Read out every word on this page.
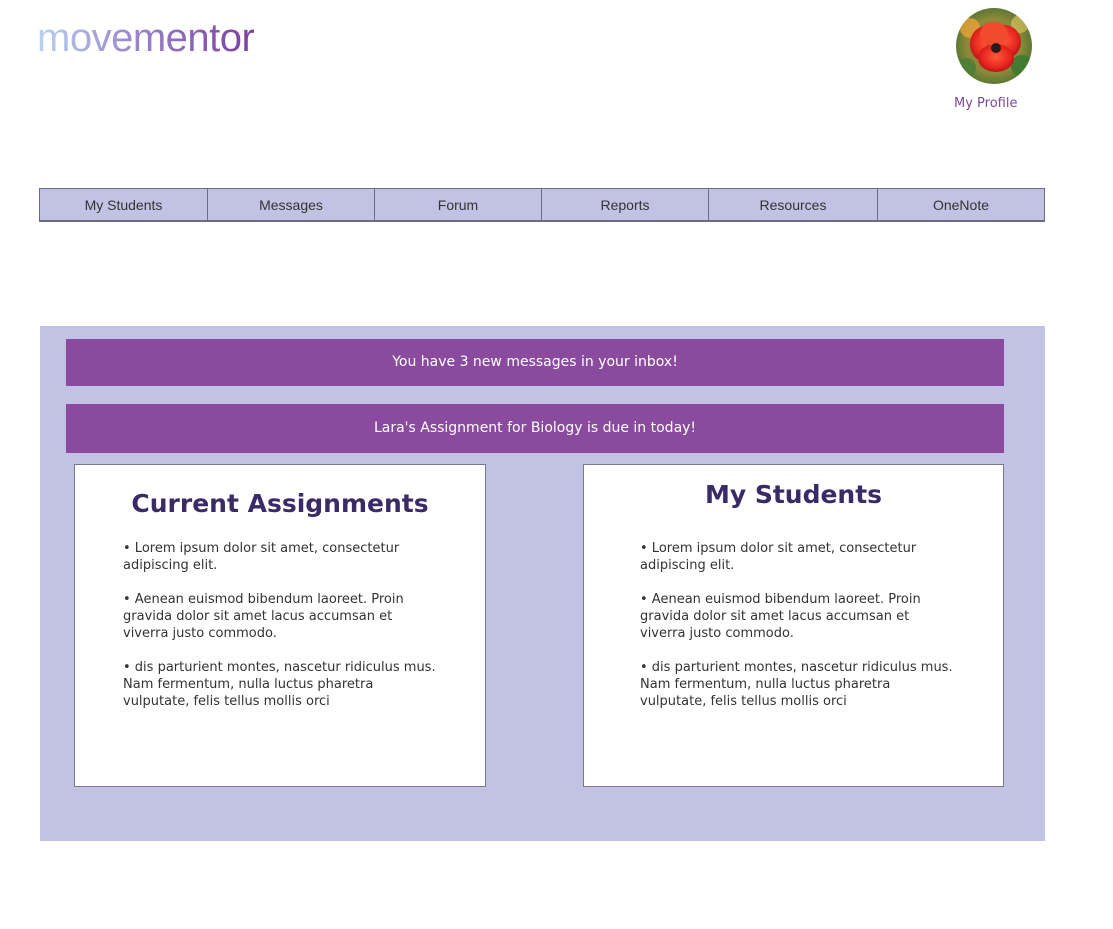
movementor
My Profile
My Students	Messages	Forum	Reports	Resources	OneNote
You have 3 new messages in your inbox!
Lara's Assignment for Biology is due in today!
Current Assignments
• Lorem ipsum dolor sit amet, consectetur adipiscing elit.
• Aenean euismod bibendum laoreet. Proin gravida dolor sit amet lacus accumsan et viverra justo commodo.
• dis parturient montes, nascetur ridiculus mus. Nam fermentum, nulla luctus pharetra vulputate, felis tellus mollis orci
My Students
• Lorem ipsum dolor sit amet, consectetur adipiscing elit.
• Aenean euismod bibendum laoreet. Proin gravida dolor sit amet lacus accumsan et viverra justo commodo.
• dis parturient montes, nascetur ridiculus mus. Nam fermentum, nulla luctus pharetra vulputate, felis tellus mollis orci
